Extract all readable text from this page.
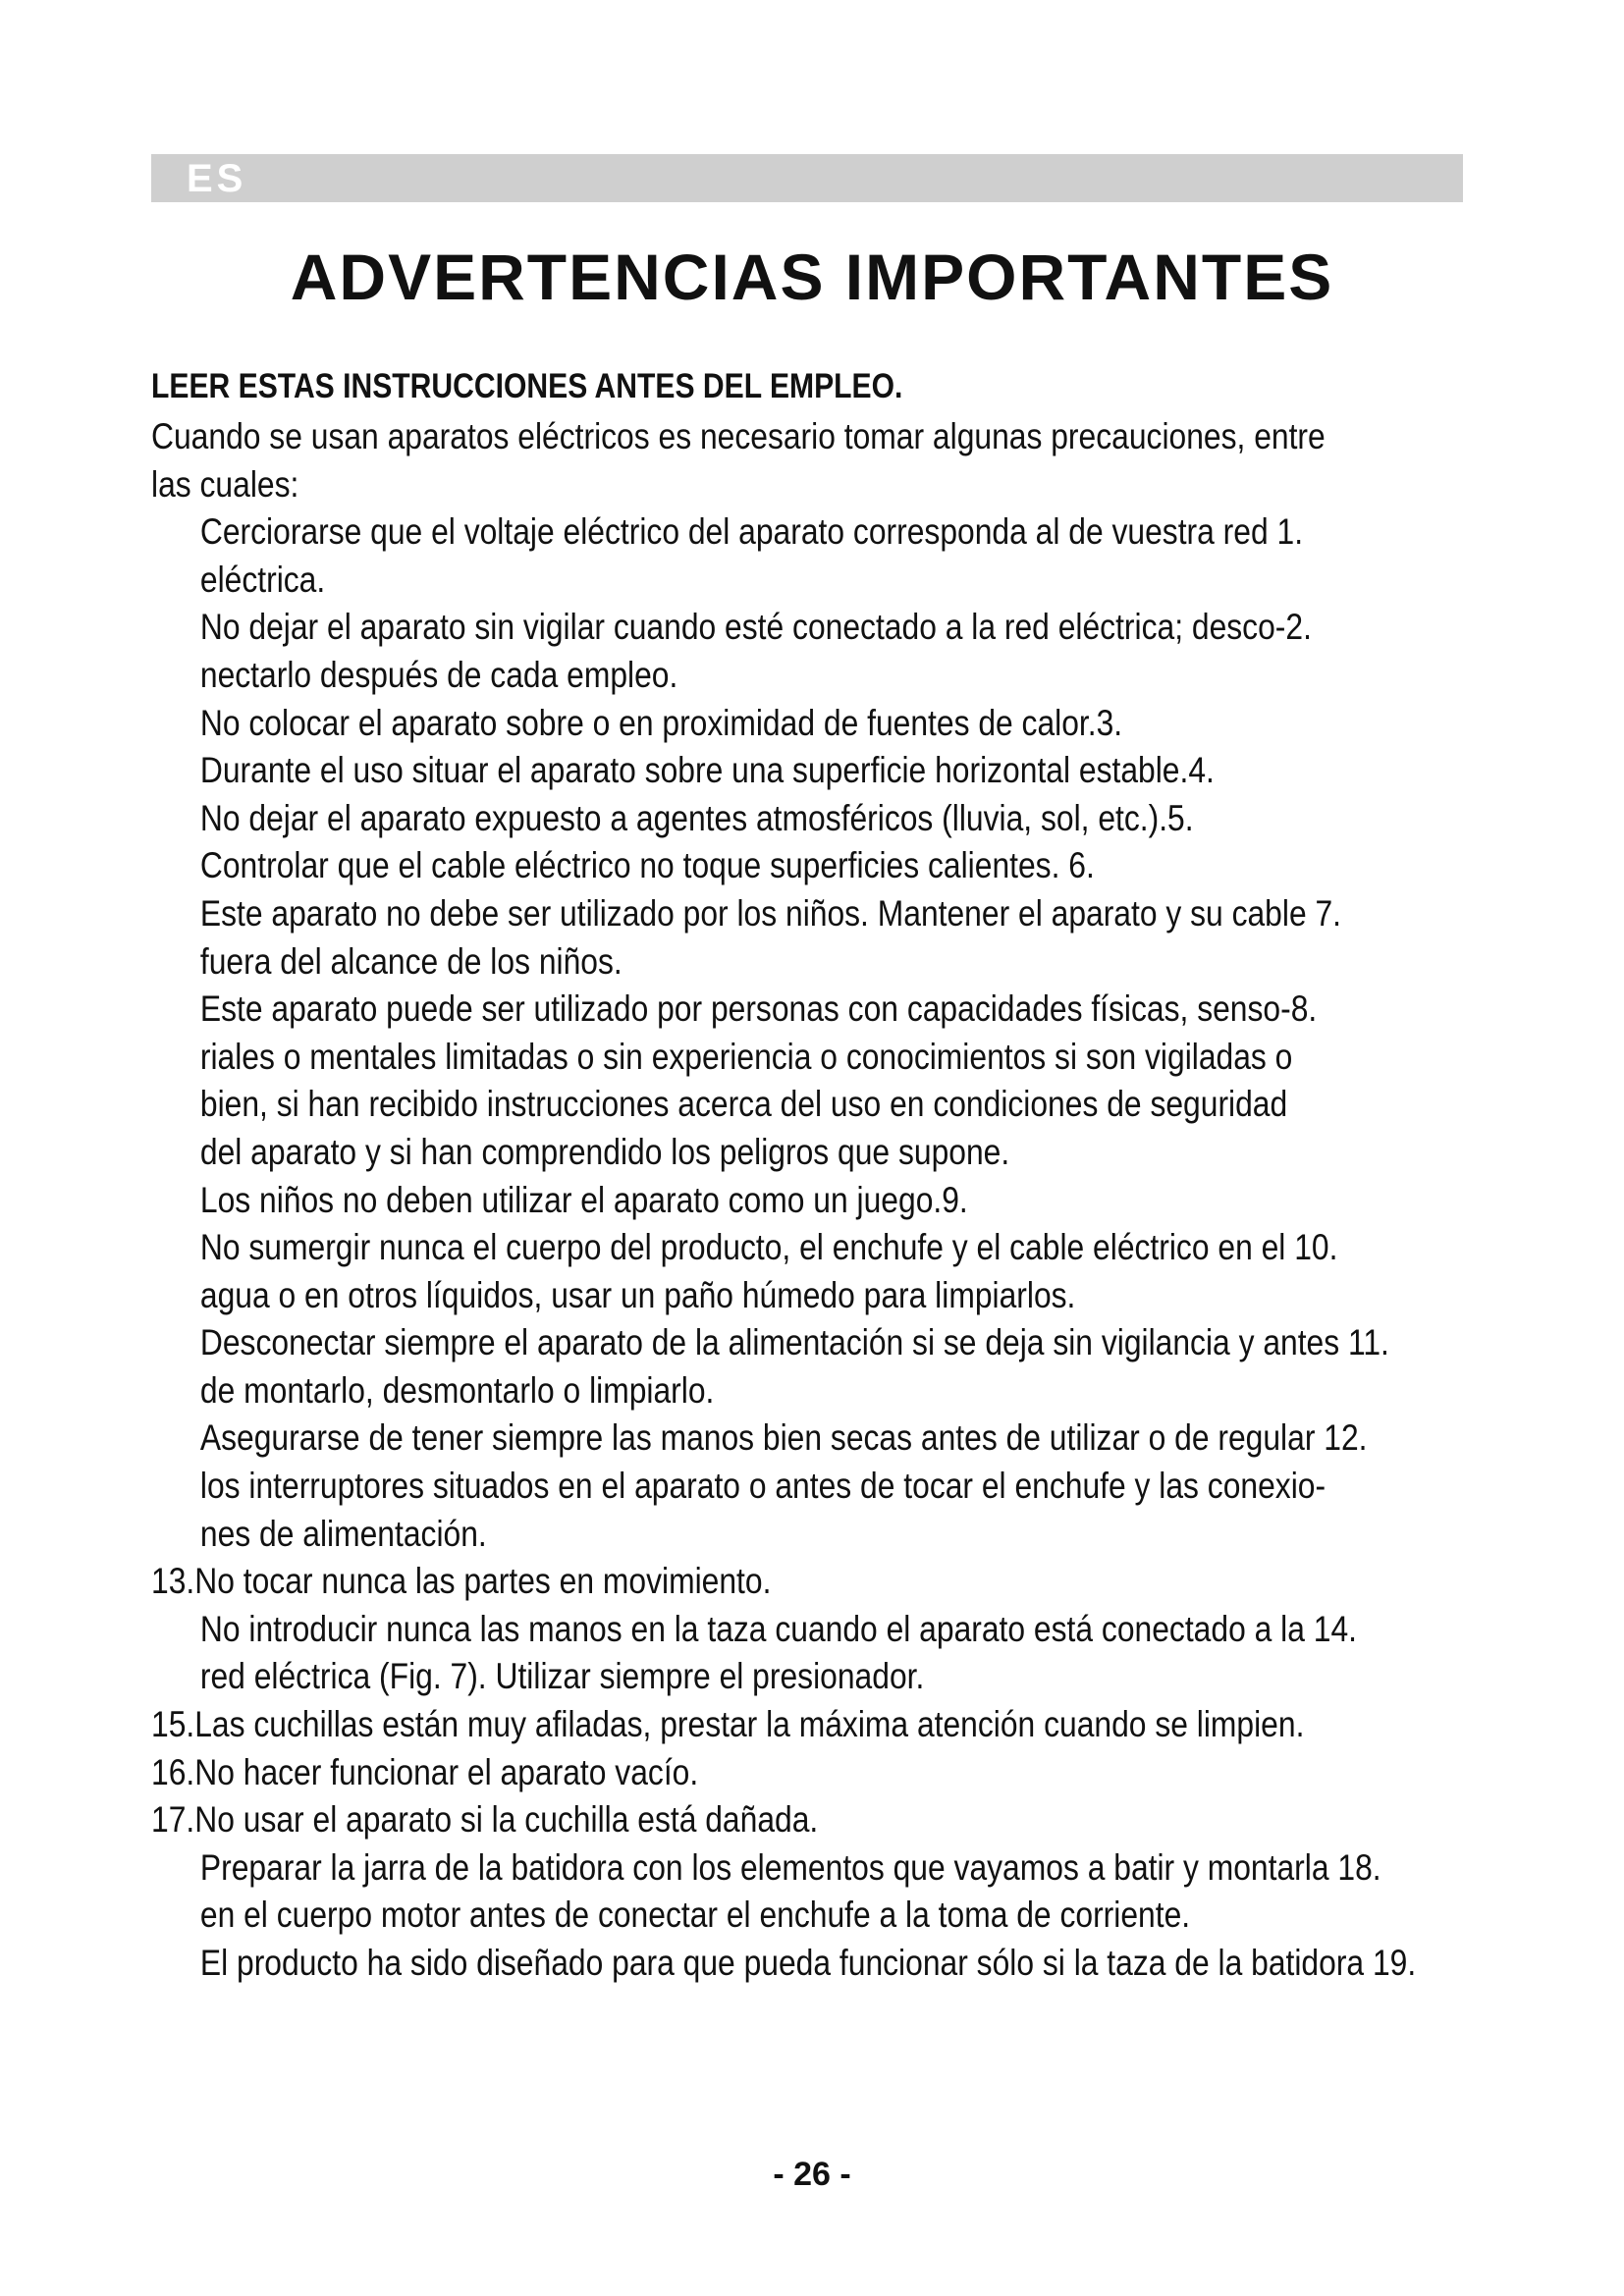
ES
ADVERTENCIAS IMPORTANTES
LEER ESTAS INSTRUCCIONES ANTES DEL EMPLEO.
Cuando se usan aparatos eléctricos es necesario tomar algunas precauciones, entre
las cuales:
Cerciorarse que el voltaje eléctrico del aparato corresponda al de vuestra red 1.
eléctrica.
No dejar el aparato sin vigilar cuando esté conectado a la red eléctrica; desco-2.
nectarlo después de cada empleo.
No colocar el aparato sobre o en proximidad de fuentes de calor.3.
Durante el uso situar el aparato sobre una superficie horizontal estable.4.
No dejar el aparato expuesto a agentes atmosféricos (lluvia, sol, etc.).5.
Controlar que el cable eléctrico no toque superficies calientes. 6.
Este aparato no debe ser utilizado por los niños. Mantener el aparato y su cable 7.
fuera del alcance de los niños.
Este aparato puede ser utilizado por personas con capacidades físicas, senso-8.
riales o mentales limitadas o sin experiencia o conocimientos si son vigiladas o
bien, si han recibido instrucciones acerca del uso en condiciones de seguridad
del aparato y si han comprendido los peligros que supone.
Los niños no deben utilizar el aparato como un juego.9.
No sumergir nunca el cuerpo del producto, el enchufe y el cable eléctrico en el 10.
agua o en otros líquidos, usar un paño húmedo para limpiarlos.
Desconectar siempre el aparato de la alimentación si se deja sin vigilancia y antes 11.
de montarlo, desmontarlo o limpiarlo.
Asegurarse de tener siempre las manos bien secas antes de utilizar o de regular 12.
los interruptores situados en el aparato o antes de tocar el enchufe y las conexio-
nes de alimentación.
13.No tocar nunca las partes en movimiento.
No introducir nunca las manos en la taza cuando el aparato está conectado a la 14.
red eléctrica (Fig. 7). Utilizar siempre el presionador.
15.Las cuchillas están muy afiladas, prestar la máxima atención cuando se limpien.
16.No hacer funcionar el aparato vacío.
17.No usar el aparato si la cuchilla está dañada.
Preparar la jarra de la batidora con los elementos que vayamos a batir y montarla 18.
en el cuerpo motor antes de conectar el enchufe a la toma de corriente.
El producto ha sido diseñado para que pueda funcionar sólo si la taza de la batidora 19.
- 26 -
